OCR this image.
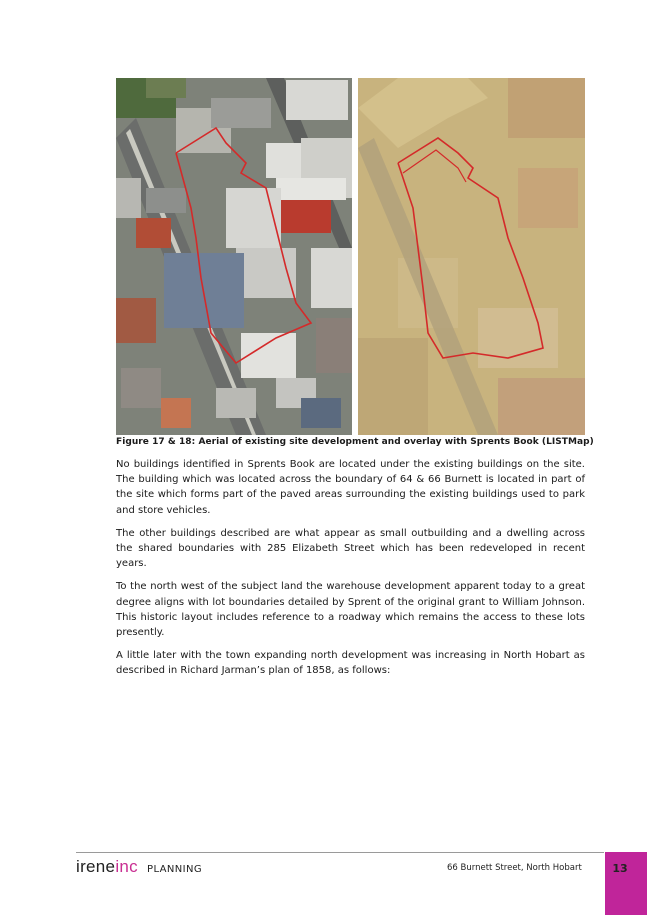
Figure 17 & 18: Aerial of existing site development and overlay with Sprents Book (LISTMap)

No buildings identified in Sprents Book are located under the existing buildings on the site. The building which was located across the boundary of 64 & 66 Burnett is located in part of the site which forms part of the paved areas surrounding the existing buildings used to park and store vehicles.

The other buildings described are what appear as small outbuilding and a dwelling across the shared boundaries with 285 Elizabeth Street which has been redeveloped in recent years.

To the north west of the subject land the warehouse development apparent today to a great degree aligns with lot boundaries detailed by Sprent of the original grant to William Johnson. This historic layout includes reference to a roadway which remains the access to these lots presently.

A little later with the town expanding north development was increasing in North Hobart as described in Richard Jarman’s plan of 1858, as follows:

ireneinc PLANNING	66 Burnett Street, North Hobart	13
